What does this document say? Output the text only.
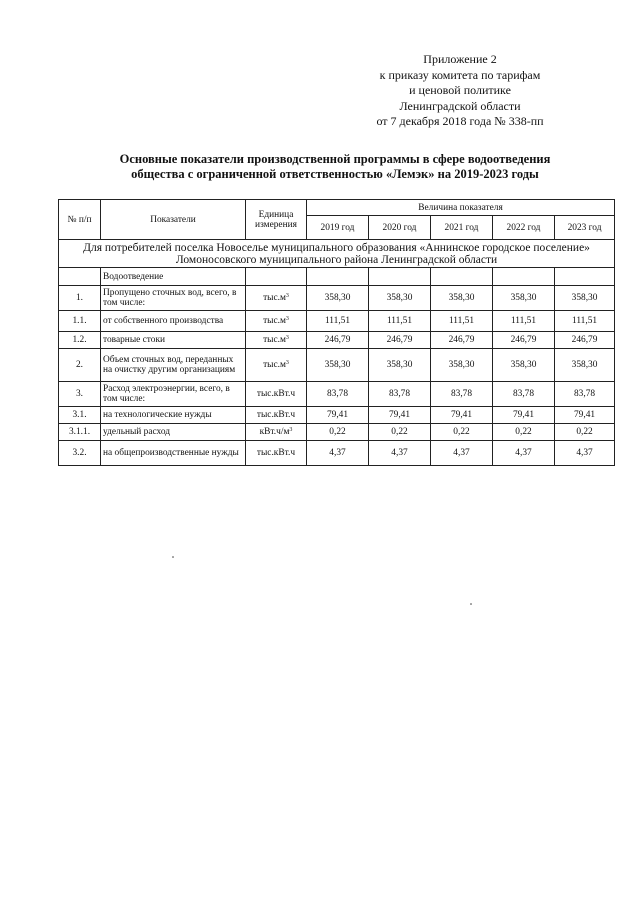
Приложение 2
к приказу комитета по тарифам
и ценовой политике
Ленинградской области
от 7 декабря 2018 года № 338-пп
Основные показатели производственной программы в сфере водоотведения
общества с ограниченной ответственностью «Лемэк» на 2019-2023 годы
№ п/п	Показатели	Единица измерения	Величина показателя				
			2019 год	2020 год	2021 год	2022 год	2023 год
Для потребителей поселка Новоселье муниципального образования «Аннинское городское поселение» Ломоносовского муниципального района Ленинградской области							
	Водоотведение						
1.	Пропущено сточных вод, всего, в том числе:	$тыс.м^3$	358,30	358,30	358,30	358,30	358,30
1.1.	от собственного производства	$тыс.м^3$	111,51	111,51	111,51	111,51	111,51
1.2.	товарные стоки	$тыс.м^3$	246,79	246,79	246,79	246,79	246,79
2.	Объем сточных вод, переданных на очистку другим организациям	$тыс.м^3$	358,30	358,30	358,30	358,30	358,30
3.	Расход электроэнергии, всего, в том числе:	тыс.кВт.ч	83,78	83,78	83,78	83,78	83,78
3.1.	на технологические нужды	тыс.кВт.ч	79,41	79,41	79,41	79,41	79,41
3.1.1.	удельный расход	$кВт.ч/м^3$	0,22	0,22	0,22	0,22	0,22
3.2.	на общепроизводственные нужды	тыс.кВт.ч	4,37	4,37	4,37	4,37	4,37
